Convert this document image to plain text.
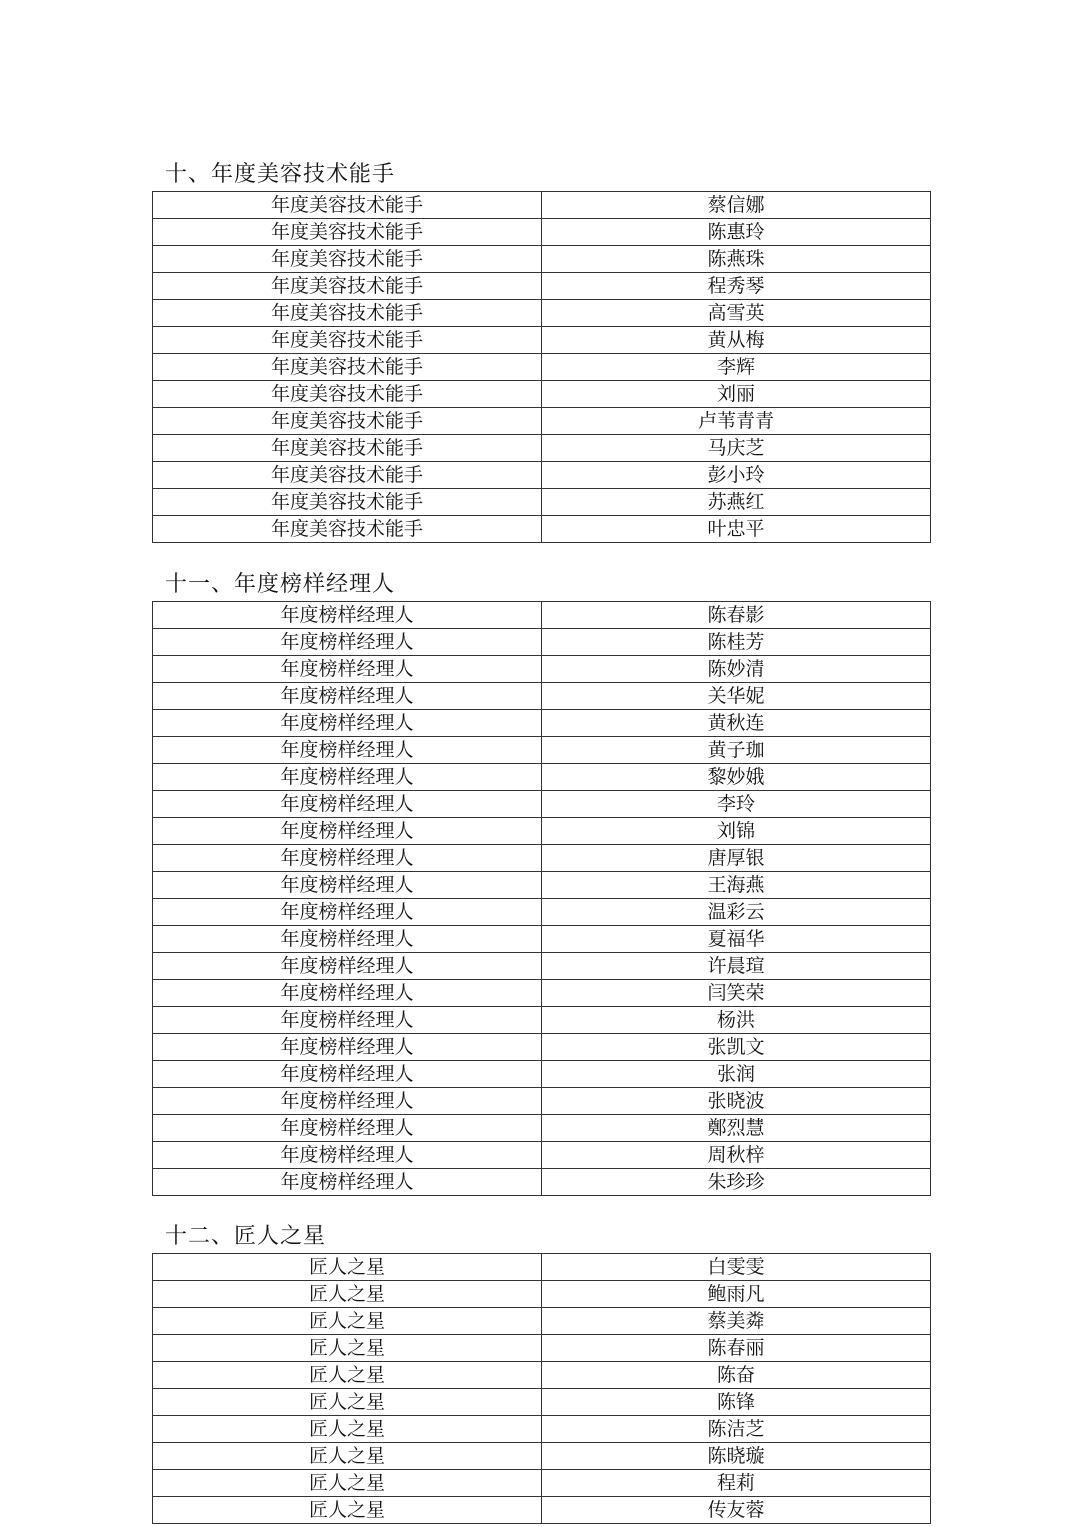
十、年度美容技术能手
年度美容技术能手	蔡信娜
年度美容技术能手	陈惠玲
年度美容技术能手	陈燕珠
年度美容技术能手	程秀琴
年度美容技术能手	高雪英
年度美容技术能手	黄从梅
年度美容技术能手	李辉
年度美容技术能手	刘丽
年度美容技术能手	卢苇青青
年度美容技术能手	马庆芝
年度美容技术能手	彭小玲
年度美容技术能手	苏燕红
年度美容技术能手	叶忠平
十一、年度榜样经理人
年度榜样经理人	陈春影
年度榜样经理人	陈桂芳
年度榜样经理人	陈妙清
年度榜样经理人	关华妮
年度榜样经理人	黄秋连
年度榜样经理人	黄子珈
年度榜样经理人	黎妙娥
年度榜样经理人	李玲
年度榜样经理人	刘锦
年度榜样经理人	唐厚银
年度榜样经理人	王海燕
年度榜样经理人	温彩云
年度榜样经理人	夏福华
年度榜样经理人	许晨瑄
年度榜样经理人	闫笑荣
年度榜样经理人	杨洪
年度榜样经理人	张凯文
年度榜样经理人	张润
年度榜样经理人	张晓波
年度榜样经理人	鄭烈慧
年度榜样经理人	周秋梓
年度榜样经理人	朱珍珍
十二、匠人之星
匠人之星	白雯雯
匠人之星	鲍雨凡
匠人之星	蔡美粦
匠人之星	陈春丽
匠人之星	陈奋
匠人之星	陈锋
匠人之星	陈洁芝
匠人之星	陈晓璇
匠人之星	程莉
匠人之星	传友蓉
